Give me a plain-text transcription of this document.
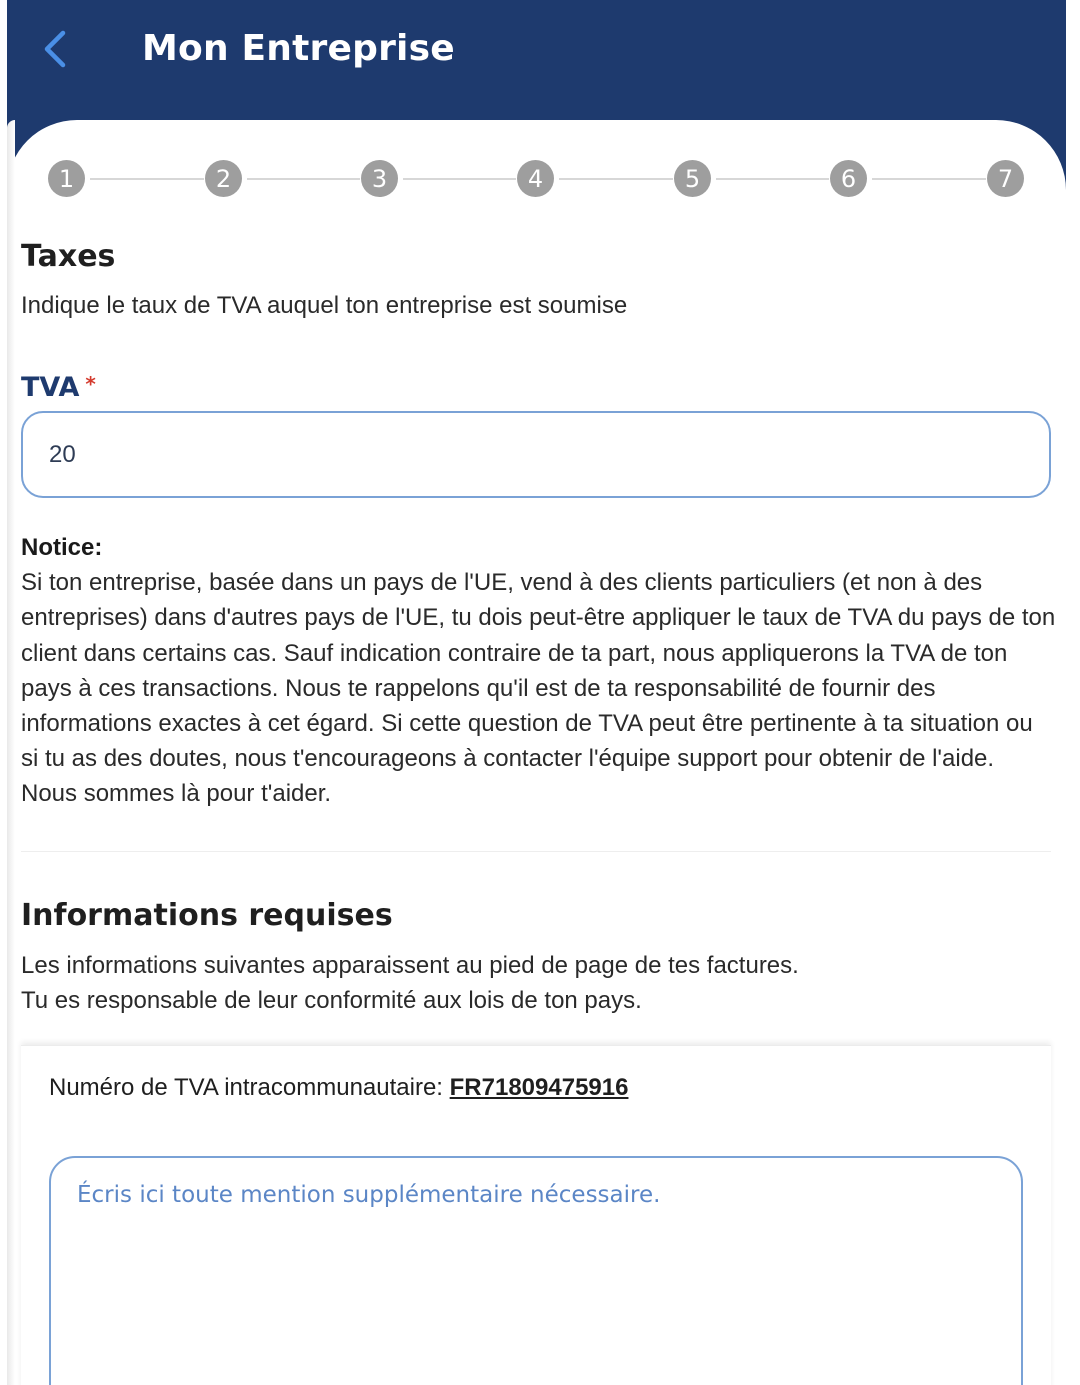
Mon Entreprise
1	2	3	4	5	6	7
Taxes
Indique le taux de TVA auquel ton entreprise est soumise
TVA *
20
Notice:
Si ton entreprise, basée dans un pays de l'UE, vend à des clients particuliers (et non à des entreprises) dans d'autres pays de l'UE, tu dois peut-être appliquer le taux de TVA du pays de ton client dans certains cas. Sauf indication contraire de ta part, nous appliquerons la TVA de ton pays à ces transactions. Nous te rappelons qu'il est de ta responsabilité de fournir des informations exactes à cet égard. Si cette question de TVA peut être pertinente à ta situation ou si tu as des doutes, nous t'encourageons à contacter l'équipe support pour obtenir de l'aide. Nous sommes là pour t'aider.
Informations requises
Les informations suivantes apparaissent au pied de page de tes factures.
Tu es responsable de leur conformité aux lois de ton pays.
Numéro de TVA intracommunautaire: FR71809475916
Écris ici toute mention supplémentaire nécessaire.
